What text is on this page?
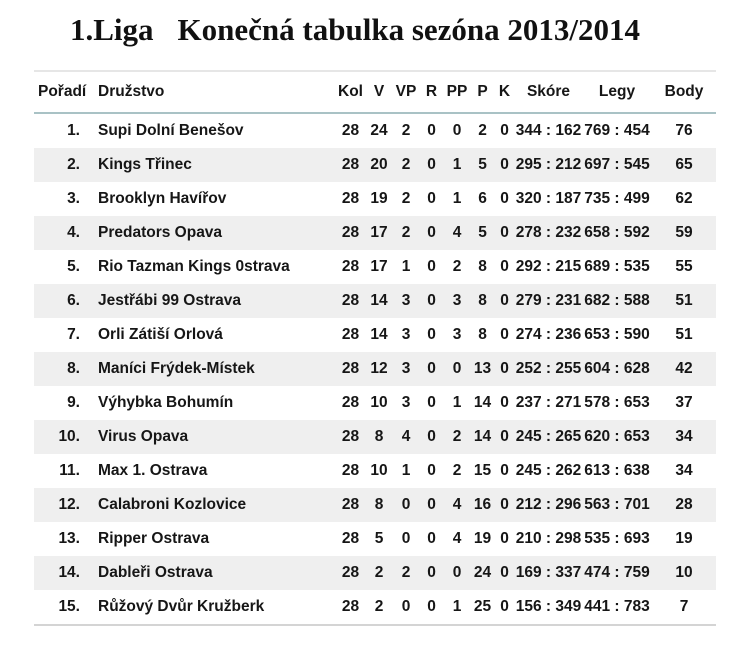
1.Liga Konečná tabulka sezóna 2013/2014
Pořadí	Družstvo	Kol	V	VP	R	PP	P	K	Skóre	Legy	Body
1.	Supi Dolní Benešov	28	24	2	0	0	2	0	344 : 162	769 : 454	76
2.	Kings Třinec	28	20	2	0	1	5	0	295 : 212	697 : 545	65
3.	Brooklyn Havířov	28	19	2	0	1	6	0	320 : 187	735 : 499	62
4.	Predators Opava	28	17	2	0	4	5	0	278 : 232	658 : 592	59
5.	Rio Tazman Kings 0strava	28	17	1	0	2	8	0	292 : 215	689 : 535	55
6.	Jestřábi 99 Ostrava	28	14	3	0	3	8	0	279 : 231	682 : 588	51
7.	Orli Zátiší Orlová	28	14	3	0	3	8	0	274 : 236	653 : 590	51
8.	Maníci Frýdek-Místek	28	12	3	0	0	13	0	252 : 255	604 : 628	42
9.	Výhybka Bohumín	28	10	3	0	1	14	0	237 : 271	578 : 653	37
10.	Virus Opava	28	8	4	0	2	14	0	245 : 265	620 : 653	34
11.	Max 1. Ostrava	28	10	1	0	2	15	0	245 : 262	613 : 638	34
12.	Calabroni Kozlovice	28	8	0	0	4	16	0	212 : 296	563 : 701	28
13.	Ripper Ostrava	28	5	0	0	4	19	0	210 : 298	535 : 693	19
14.	Dableři Ostrava	28	2	2	0	0	24	0	169 : 337	474 : 759	10
15.	Růžový Dvůr Kružberk	28	2	0	0	1	25	0	156 : 349	441 : 783	7
